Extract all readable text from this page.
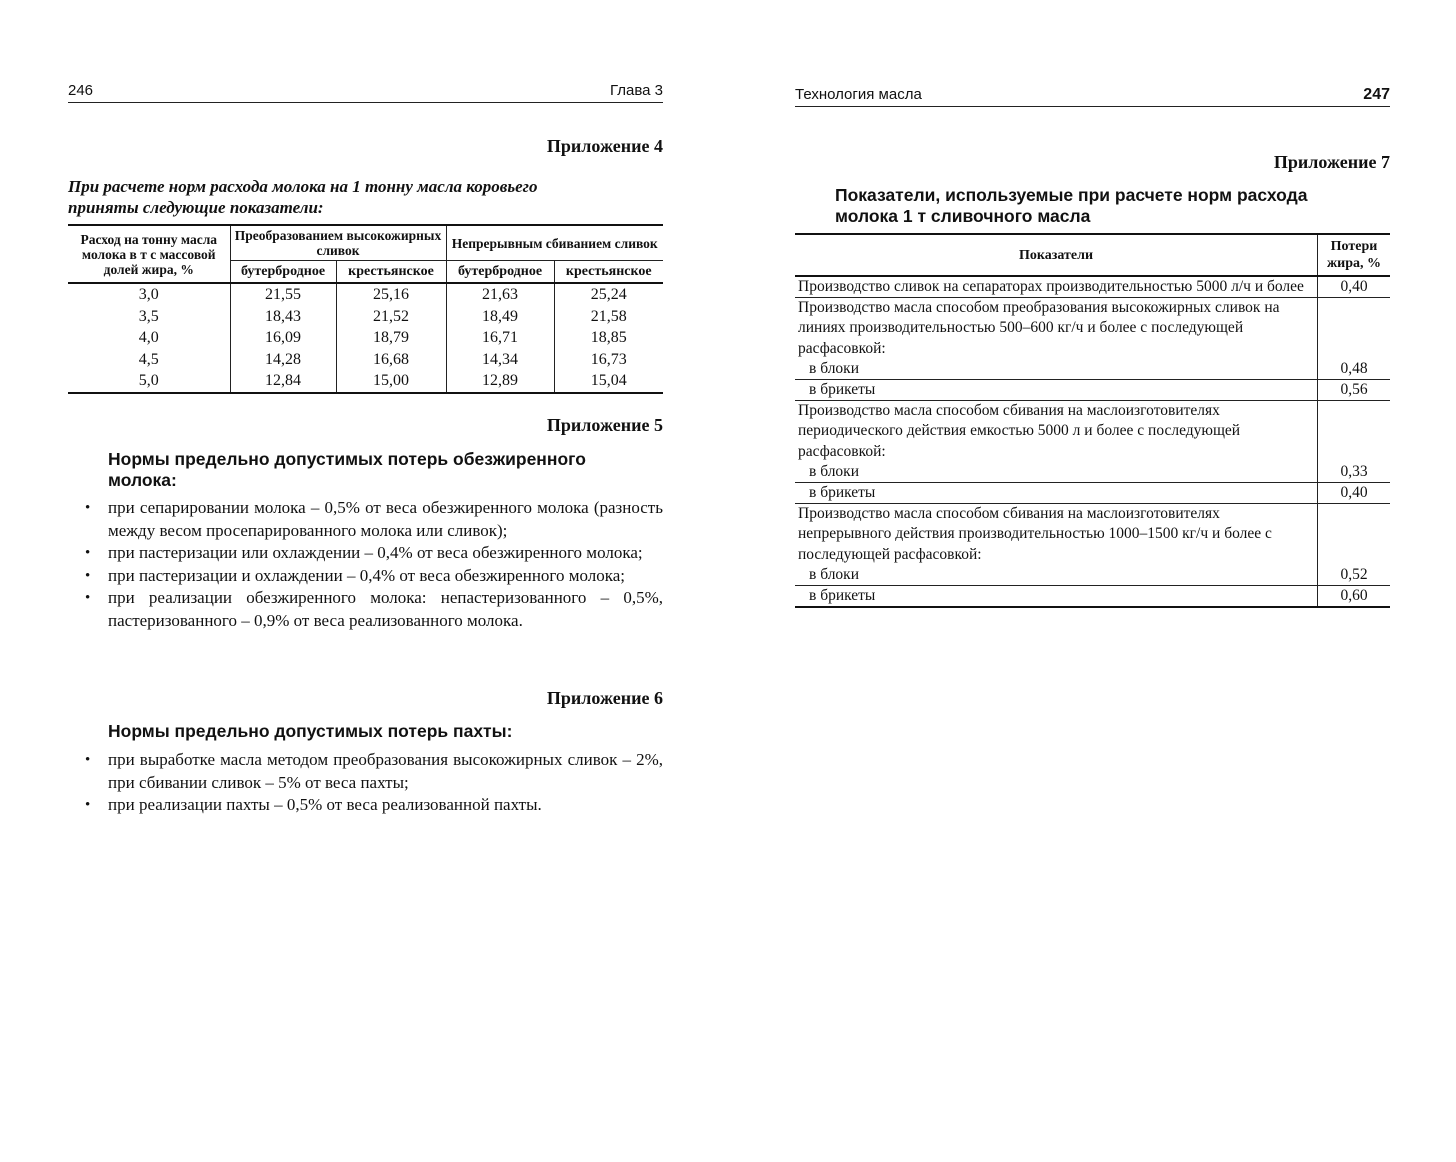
246	Глава 3
Приложение 4
При расчете норм расхода молока на 1 тонну масла коровьего
приняты следующие показатели:
Расход на тонну масла молока в т с массовой долей жира, %	Преобразованием высокожирных сливок		Непрерывным сбиванием сливок	
	бутербродное	крестьянское	бутербродное	крестьянское
3,0	21,55	25,16	21,63	25,24
3,5	18,43	21,52	18,49	21,58
4,0	16,09	18,79	16,71	18,85
4,5	14,28	16,68	14,34	16,73
5,0	12,84	15,00	12,89	15,04
Приложение 5
Нормы предельно допустимых потерь обезжиренного молока:
• при сепарировании молока – 0,5% от веса обезжиренного молока (разность между весом просепарированного молока или сливок);
• при пастеризации или охлаждении – 0,4% от веса обезжиренного молока;
• при пастеризации и охлаждении – 0,4% от веса обезжиренного молока;
• при реализации обезжиренного молока: непастеризованного – 0,5%, пастеризованного – 0,9% от веса реализованного молока.
Приложение 6
Нормы предельно допустимых потерь пахты:
• при выработке масла методом преобразования высокожирных сливок – 2%, при сбивании сливок – 5% от веса пахты;
• при реализации пахты – 0,5% от веса реализованной пахты.
Технология масла	247
Приложение 7
Показатели, используемые при расчете норм расхода
молока 1 т сливочного масла
Показатели	Потери
жира, %

Производство сливок на сепараторах производительностью 5000 л/ч и более	0,40
Производство масла способом преобразования высокожирных сливок на линиях производительностью 500–600 кг/ч и более с последующей расфасовкой:	
в блоки	0,48
в брикеты	0,56
Производство масла способом сбивания на маслоизготовителях периодического действия емкостью 5000 л и более с последующей расфасовкой:	
в блоки	0,33
в брикеты	0,40
Производство масла способом сбивания на маслоизготовителях непрерывного действия производительностью 1000–1500 кг/ч и более с последующей расфасовкой:	
в блоки	0,52
в брикеты	0,60
